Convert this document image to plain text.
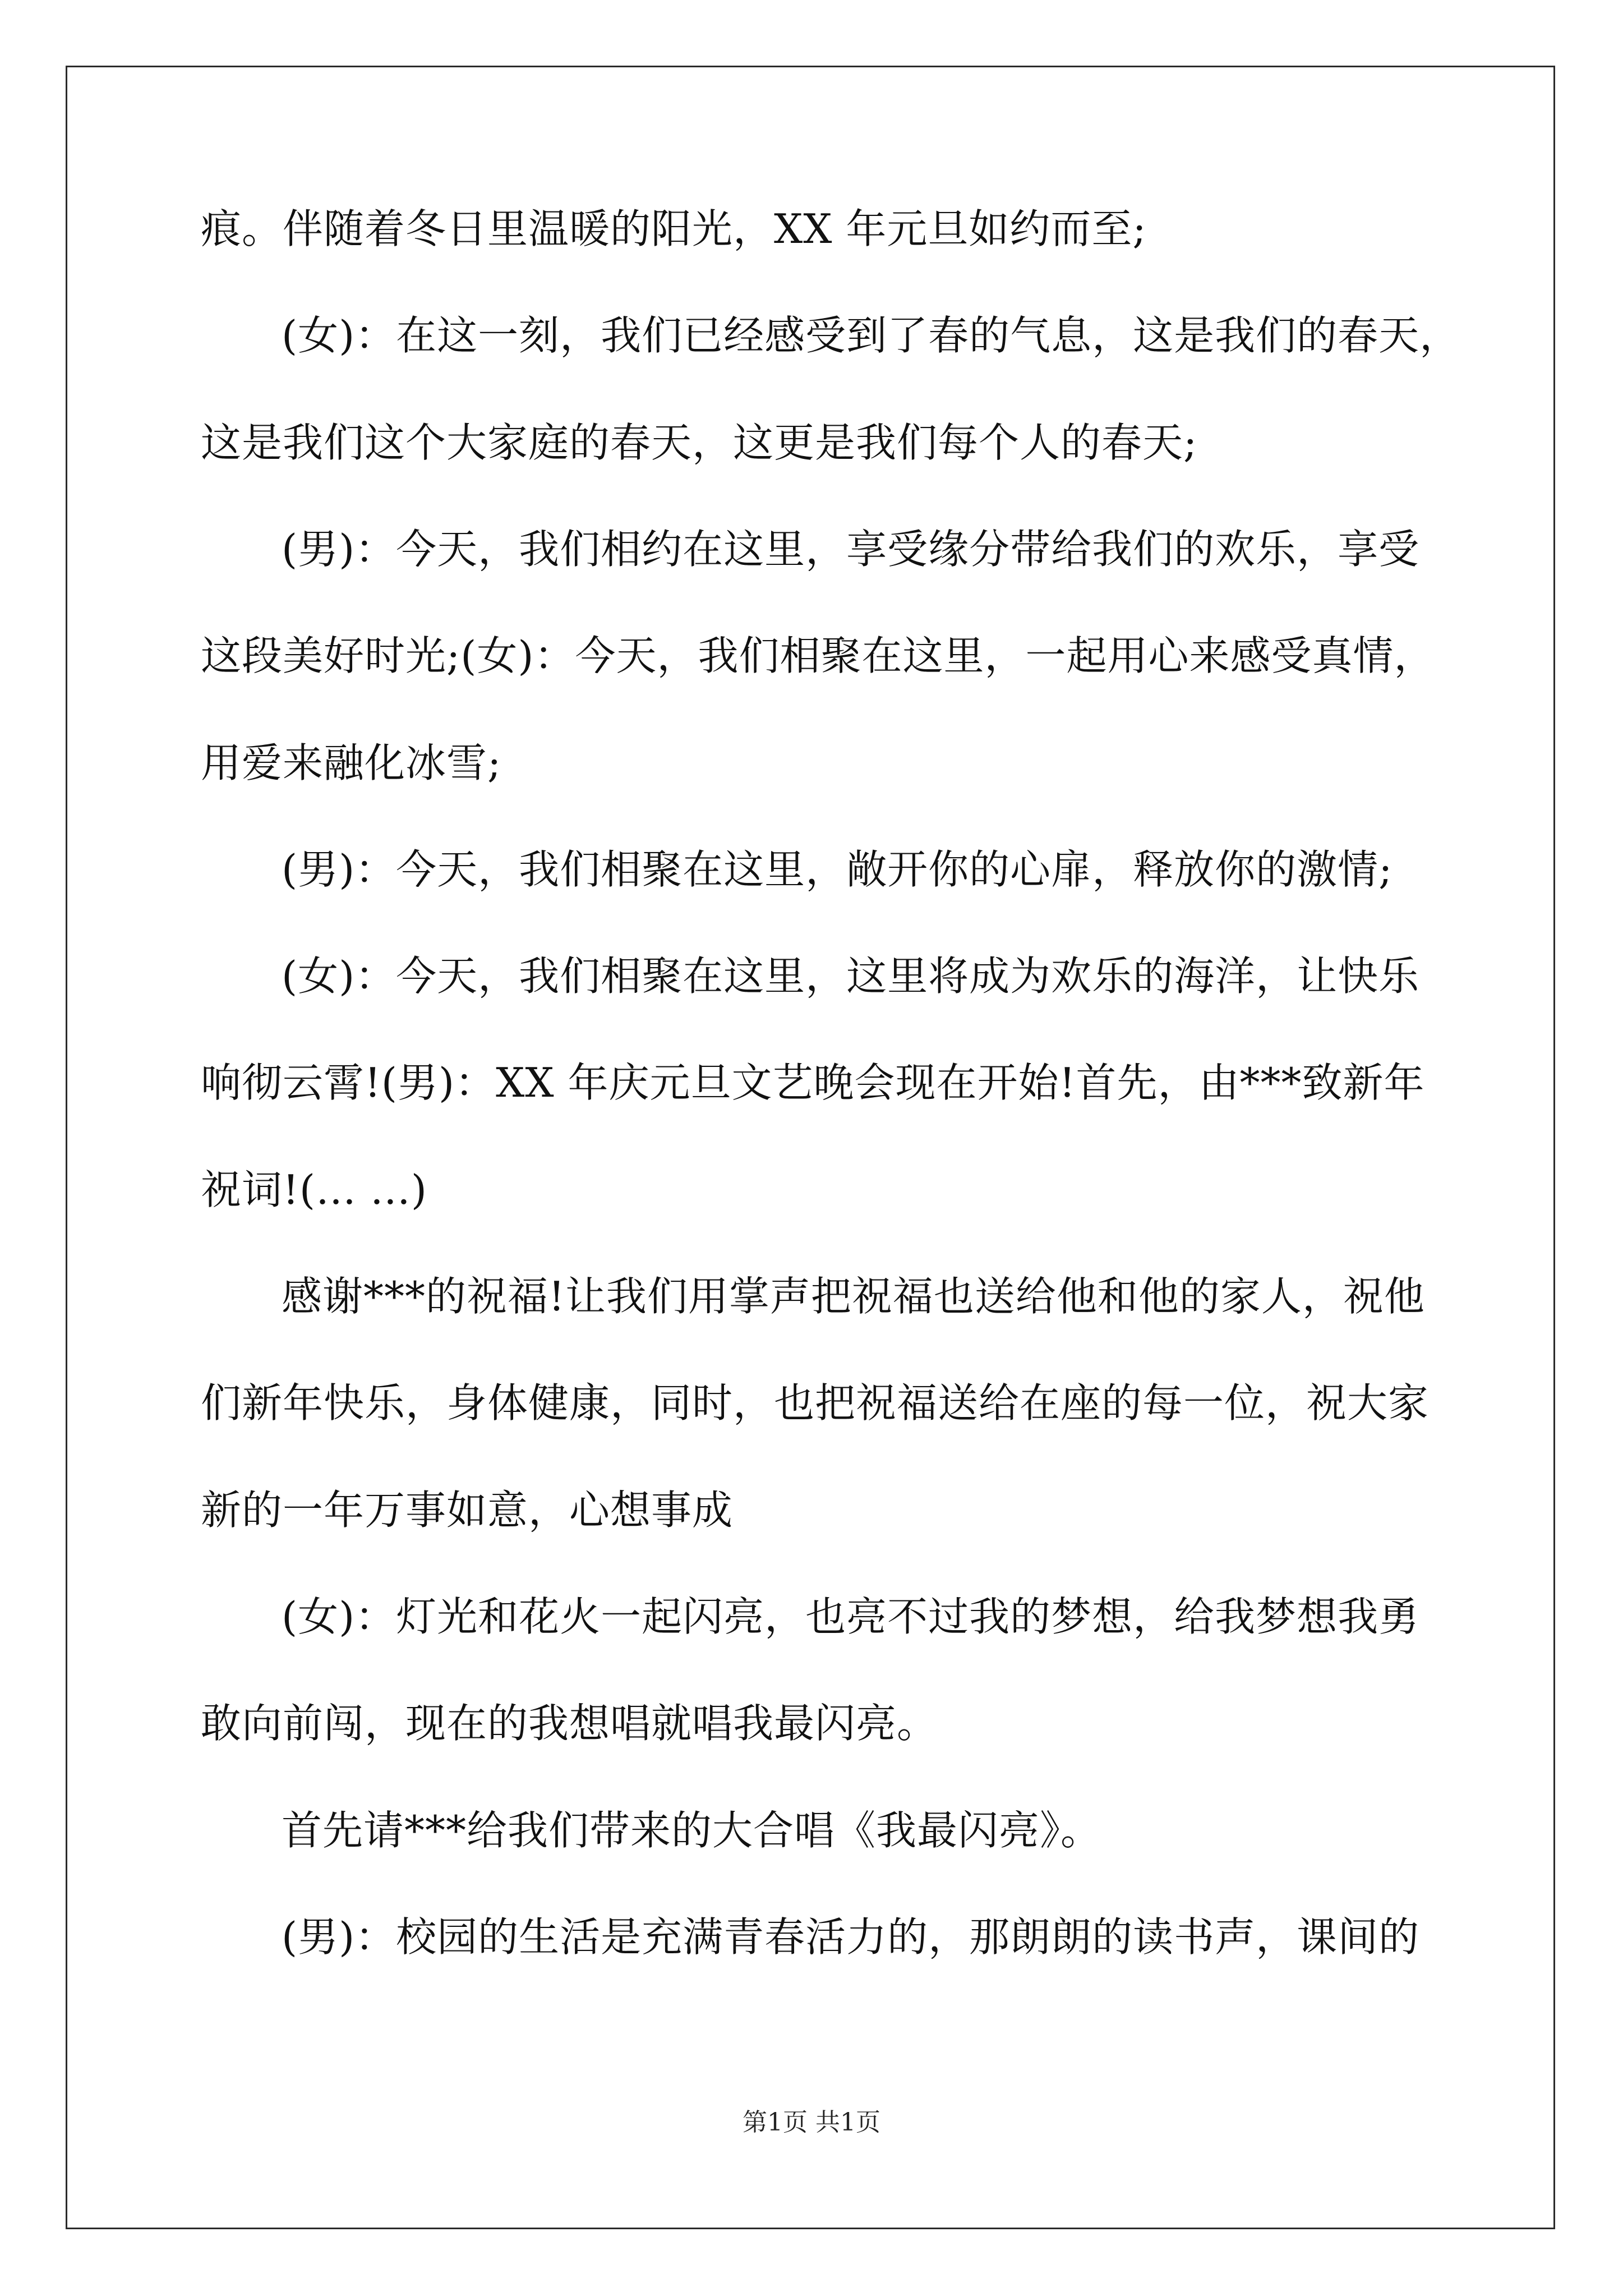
痕。伴随着冬日里温暖的阳光，XX 年元旦如约而至;
(女)：在这一刻，我们已经感受到了春的气息，这是我们的春天，
这是我们这个大家庭的春天，这更是我们每个人的春天;
(男)：今天，我们相约在这里，享受缘分带给我们的欢乐，享受
这段美好时光;(女)：今天，我们相聚在这里，一起用心来感受真情，
用爱来融化冰雪;
(男)：今天，我们相聚在这里，敞开你的心扉，释放你的激情;
(女)：今天，我们相聚在这里，这里将成为欢乐的海洋，让快乐
响彻云霄!(男)：XX 年庆元旦文艺晚会现在开始!首先，由***致新年
祝词!(… …)
感谢***的祝福!让我们用掌声把祝福也送给他和他的家人，祝他
们新年快乐，身体健康，同时，也把祝福送给在座的每一位，祝大家
新的一年万事如意，心想事成
(女)：灯光和花火一起闪亮，也亮不过我的梦想，给我梦想我勇
敢向前闯，现在的我想唱就唱我最闪亮。
首先请***给我们带来的大合唱《我最闪亮》。
(男)：校园的生活是充满青春活力的，那朗朗的读书声，课间的
第1页 共1页
